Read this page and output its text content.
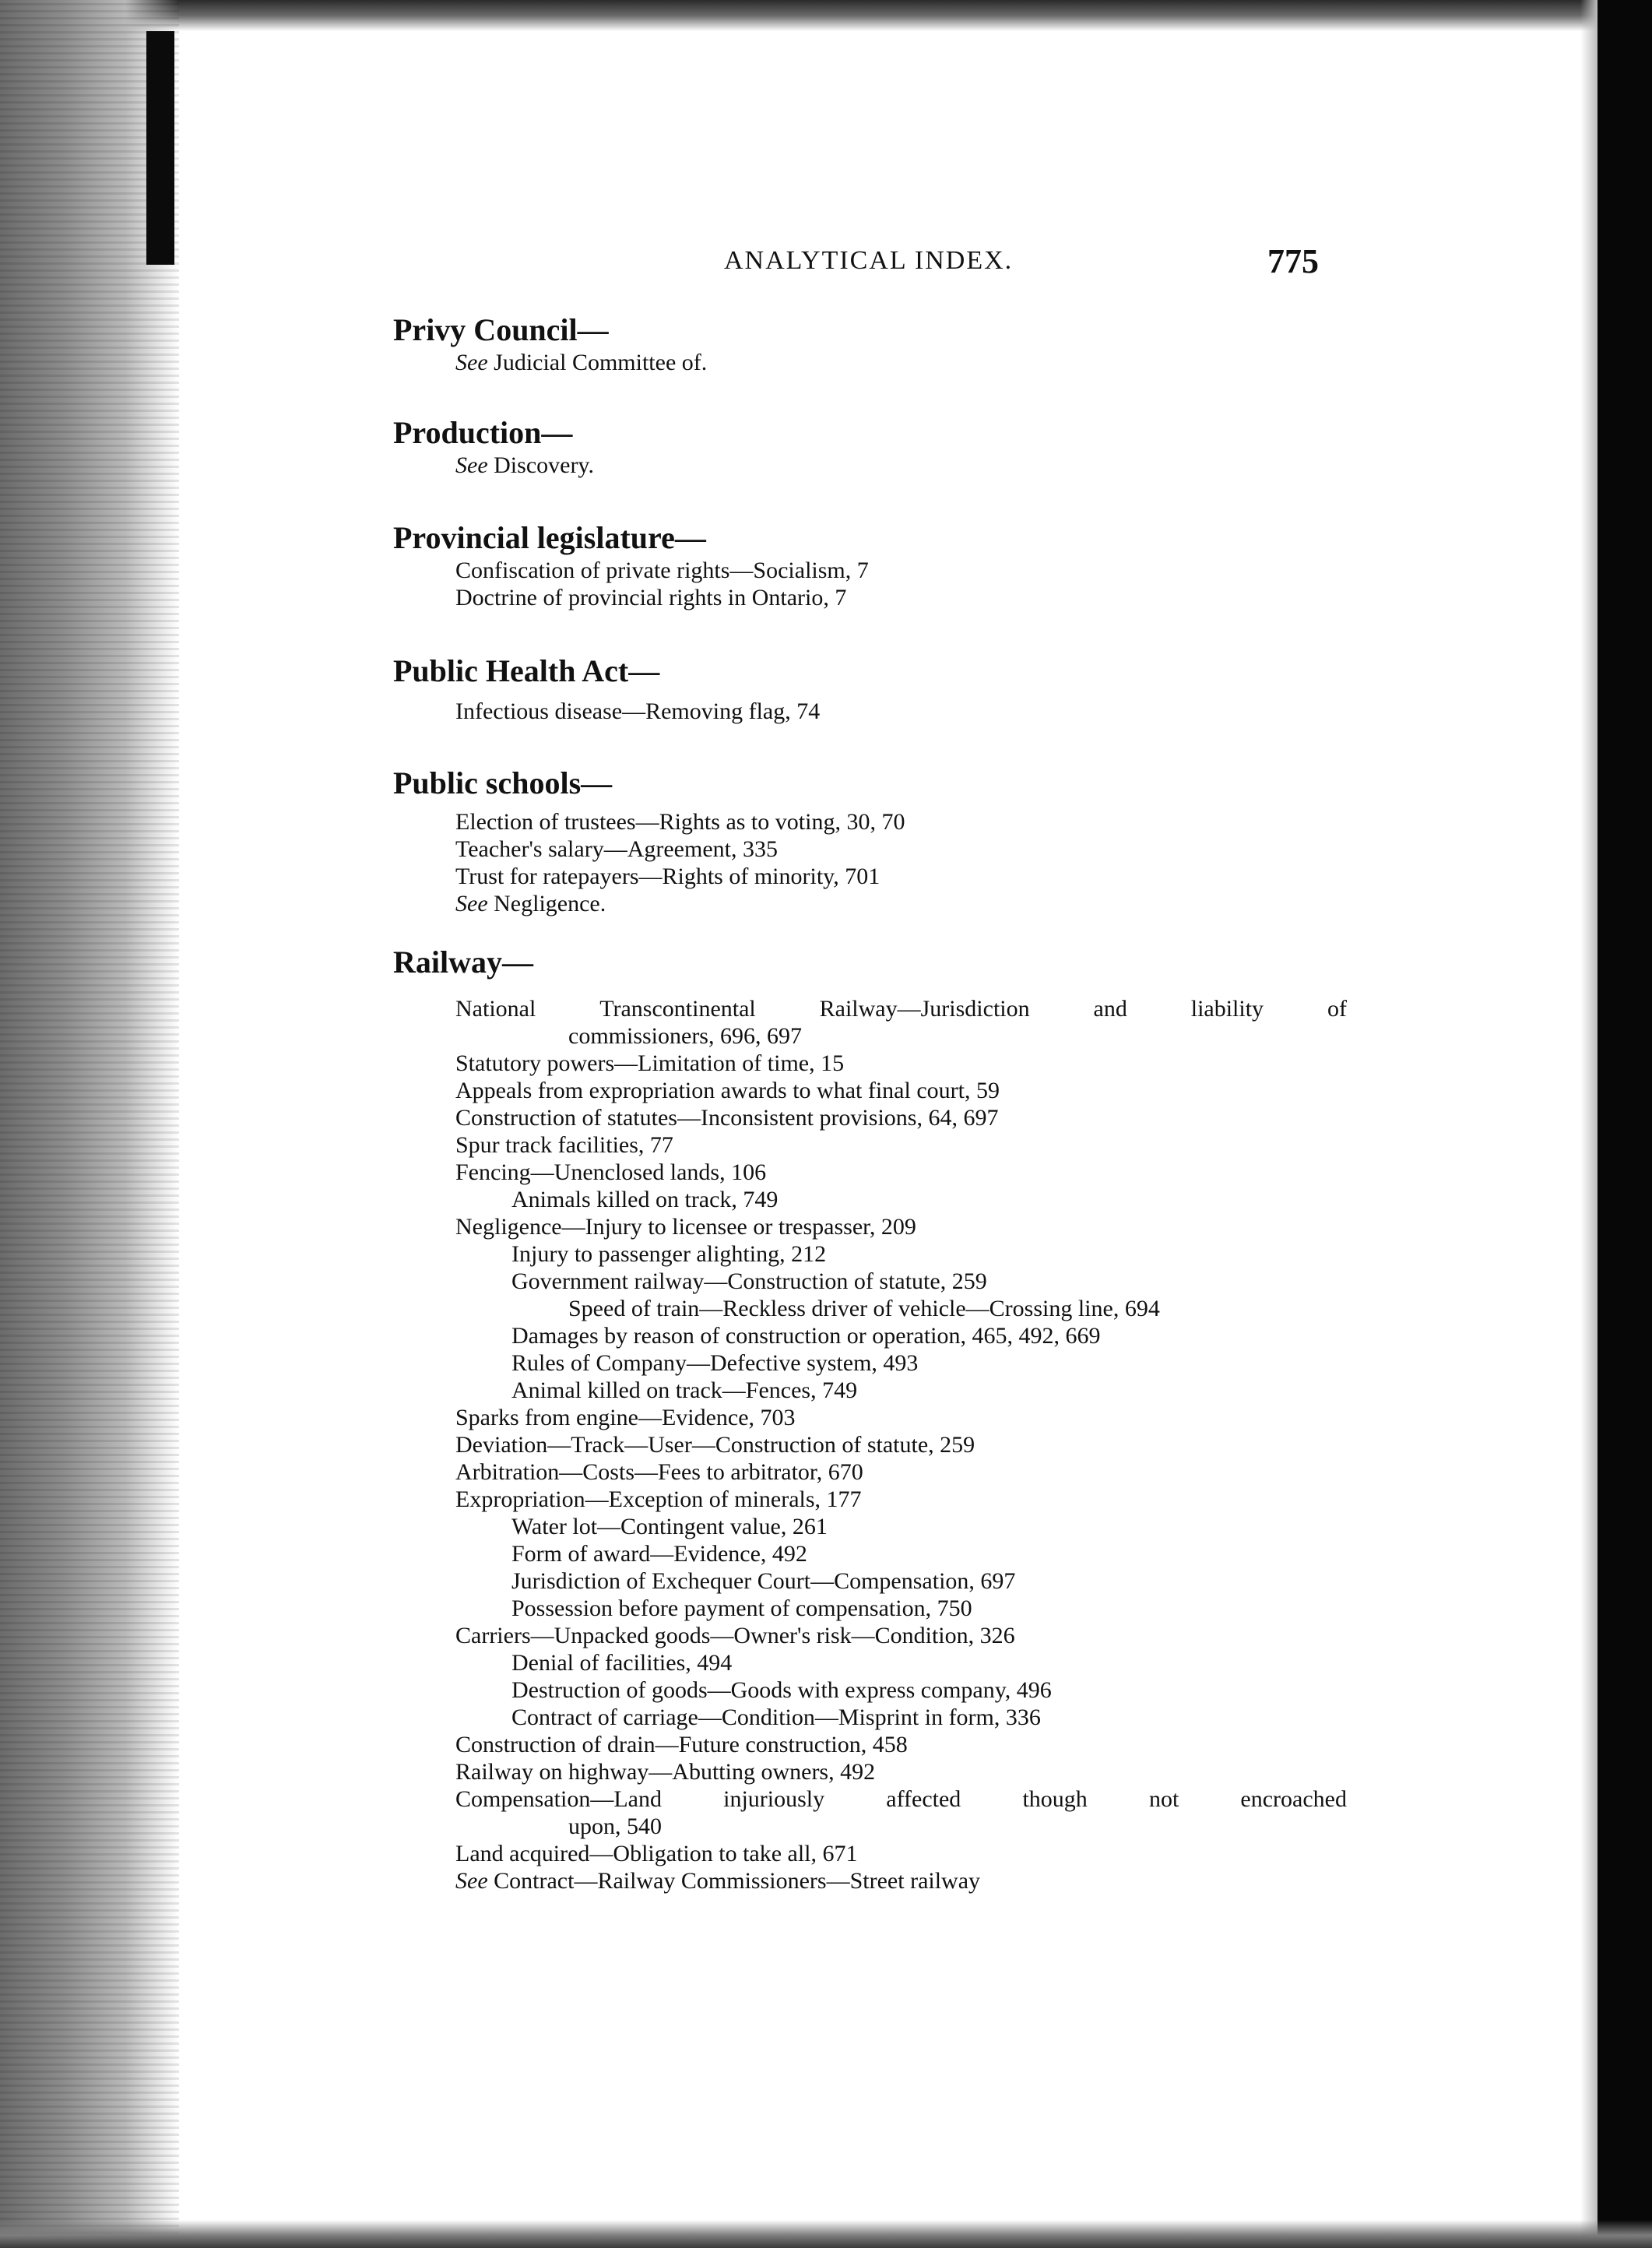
ANALYTICAL INDEX.	775
Privy Council—
See Judicial Committee of.
Production—
See Discovery.
Provincial legislature—
Confiscation of private rights—Socialism, 7
Doctrine of provincial rights in Ontario, 7
Public Health Act—
Infectious disease—Removing flag, 74
Public schools—
Election of trustees—Rights as to voting, 30, 70
Teacher's salary—Agreement, 335
Trust for ratepayers—Rights of minority, 701
See Negligence.
Railway—
National	Transcontinental	Railway—Jurisdiction	and	liability	of
commissioners, 696, 697
Statutory powers—Limitation of time, 15
Appeals from expropriation awards to what final court, 59
Construction of statutes—Inconsistent provisions, 64, 697
Spur track facilities, 77
Fencing—Unenclosed lands, 106
Animals killed on track, 749
Negligence—Injury to licensee or trespasser, 209
Injury to passenger alighting, 212
Government railway—Construction of statute, 259
Speed of train—Reckless driver of vehicle—Crossing line, 694
Damages by reason of construction or operation, 465, 492, 669
Rules of Company—Defective system, 493
Animal killed on track—Fences, 749
Sparks from engine—Evidence, 703
Deviation—Track—User—Construction of statute, 259
Arbitration—Costs—Fees to arbitrator, 670
Expropriation—Exception of minerals, 177
Water lot—Contingent value, 261
Form of award—Evidence, 492
Jurisdiction of Exchequer Court—Compensation, 697
Possession before payment of compensation, 750
Carriers—Unpacked goods—Owner's risk—Condition, 326
Denial of facilities, 494
Destruction of goods—Goods with express company, 496
Contract of carriage—Condition—Misprint in form, 336
Construction of drain—Future construction, 458
Railway on highway—Abutting owners, 492
Compensation—Land	injuriously	affected	though	not	encroached
upon, 540
Land acquired—Obligation to take all, 671
See Contract—Railway Commissioners—Street railway
